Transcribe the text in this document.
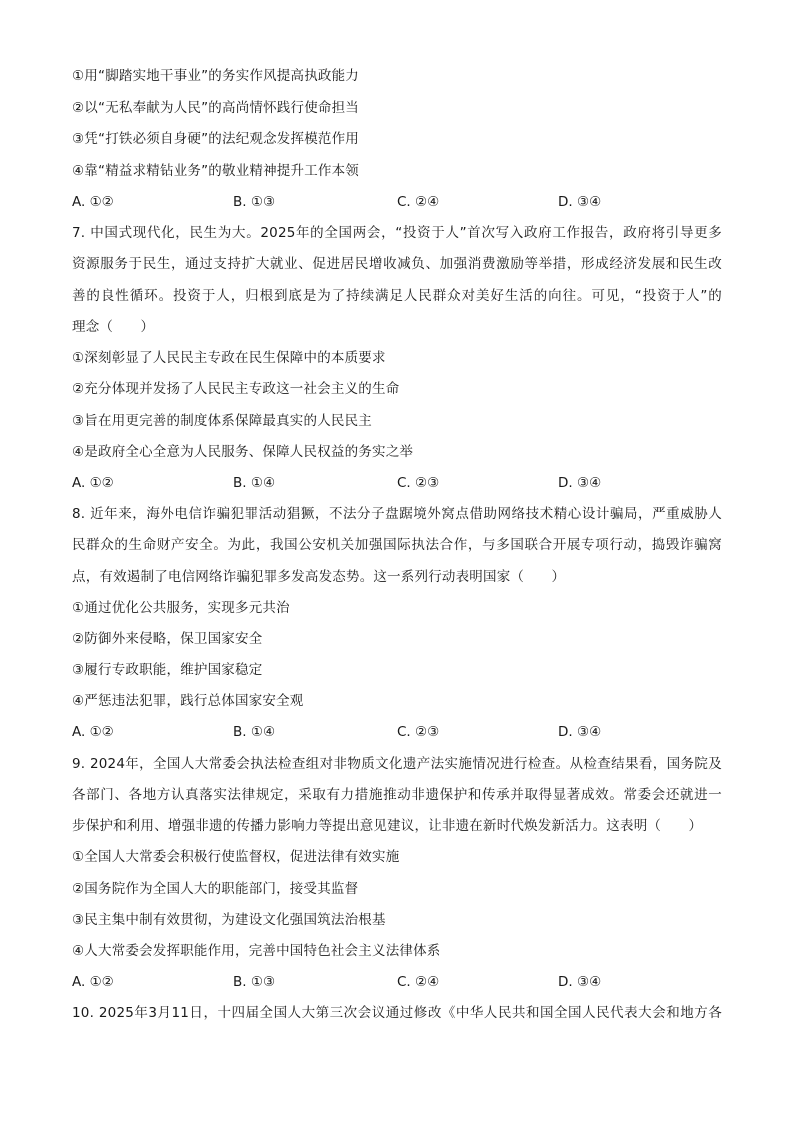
①用“脚踏实地干事业”的务实作风提高执政能力
②以“无私奉献为人民”的高尚情怀践行使命担当
③凭“打铁必须自身硬”的法纪观念发挥模范作用
④靠“精益求精钻业务”的敬业精神提升工作本领
A. ①②	B. ①③	C. ②④	D. ③④
7. 中国式现代化，民生为大。2025年的全国两会，“投资于人”首次写入政府工作报告，政府将引导更多
资源服务于民生，通过支持扩大就业、促进居民增收减负、加强消费激励等举措，形成经济发展和民生改
善的良性循环。投资于人，归根到底是为了持续满足人民群众对美好生活的向往。可见，“投资于人”的
理念（　　）
①深刻彰显了人民民主专政在民生保障中的本质要求
②充分体现并发扬了人民民主专政这一社会主义的生命
③旨在用更完善的制度体系保障最真实的人民民主
④是政府全心全意为人民服务、保障人民权益的务实之举
A. ①②	B. ①④	C. ②③	D. ③④
8. 近年来，海外电信诈骗犯罪活动猖獗，不法分子盘踞境外窝点借助网络技术精心设计骗局，严重威胁人
民群众的生命财产安全。为此，我国公安机关加强国际执法合作，与多国联合开展专项行动，捣毁诈骗窝
点，有效遏制了电信网络诈骗犯罪多发高发态势。这一系列行动表明国家（　　）
①通过优化公共服务，实现多元共治
②防御外来侵略，保卫国家安全
③履行专政职能，维护国家稳定
④严惩违法犯罪，践行总体国家安全观
A. ①②	B. ①④	C. ②③	D. ③④
9. 2024年，全国人大常委会执法检查组对非物质文化遗产法实施情况进行检查。从检查结果看，国务院及
各部门、各地方认真落实法律规定，采取有力措施推动非遗保护和传承并取得显著成效。常委会还就进一
步保护和利用、增强非遗的传播力影响力等提出意见建议，让非遗在新时代焕发新活力。这表明（　　）
①全国人大常委会积极行使监督权，促进法律有效实施
②国务院作为全国人大的职能部门，接受其监督
③民主集中制有效贯彻，为建设文化强国筑法治根基
④人大常委会发挥职能作用，完善中国特色社会主义法律体系
A. ①②	B. ①③	C. ②④	D. ③④
10. 2025年3月11日，十四届全国人大第三次会议通过修改《中华人民共和国全国人民代表大会和地方各
